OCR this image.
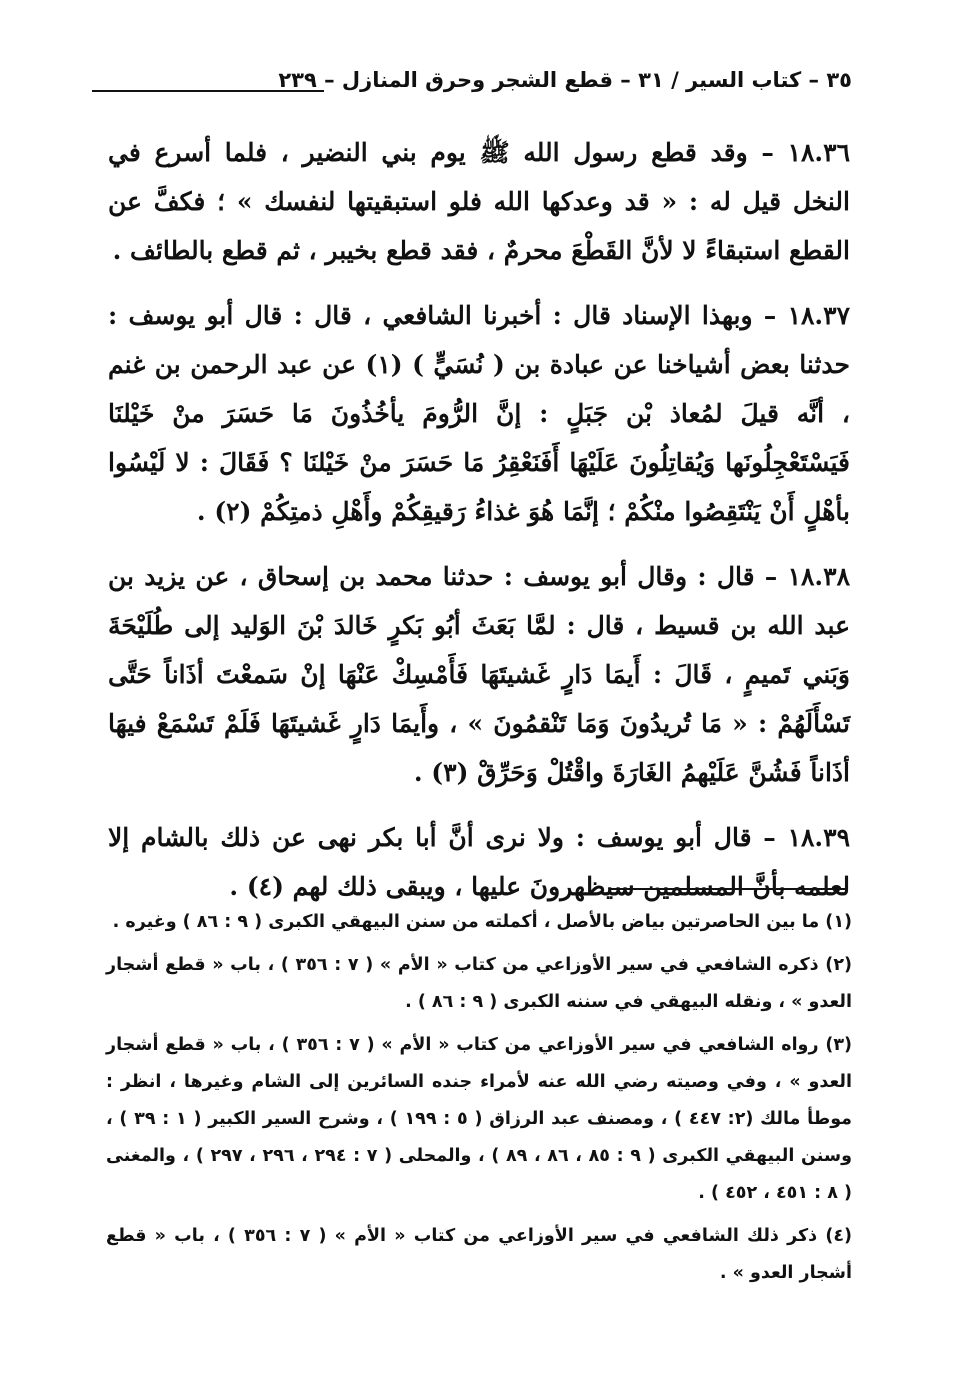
٣٥ – كتاب السير / ٣١ – قطع الشجر وحرق المنازل – ٢٣٩

١٨.٣٦ – وقد قطع رسول الله ﷺ يوم بني النضير ، فلما أسرع في النخل قيل له : « قد وعدكها الله فلو استبقيتها لنفسك » ؛ فكفَّ عن القطع استبقاءً لا لأنَّ القَطْعَ محرمٌ ، فقد قطع بخيبر ، ثم قطع بالطائف .

١٨.٣٧ – وبهذا الإسناد قال : أخبرنا الشافعي ، قال : قال أبو يوسف : حدثنا بعض أشياخنا عن عبادة بن ( نُسَيٍّ ) (١) عن عبد الرحمن بن غنم ، أنَّه قيلَ لمُعاذ بْن جَبَلٍ : إنَّ الرُّومَ يأخُذُونَ مَا حَسَرَ منْ خَيْلنَا فَيَسْتَعْجِلُونَها وَيُقاتِلُونَ عَلَيْهَا أَفَنَعْقِرُ مَا حَسَرَ منْ خَيْلنَا ؟ فَقَالَ : لا لَيْسُوا بأهْلٍ أَنْ يَنْتَقِصُوا منْكُمْ ؛ إنَّمَا هُوَ غذاءُ رَقيقِكُمْ وأَهْلِ ذمتِكُمْ (٢) .

١٨.٣٨ – قال : وقال أبو يوسف : حدثنا محمد بن إسحاق ، عن يزيد بن عبد الله بن قسيط ، قال : لمَّا بَعَثَ أبُو بَكرٍ خَالدَ بْنَ الوَليد إلى طُلَيْحَةَ وَبَني تَميمٍ ، قَالَ : أَيمَا دَارٍ غَشيتَهَا فَأَمْسِكْ عَنْهَا إنْ سَمعْتَ أذَاناً حَتَّى تَسْأَلَهُمْ : « مَا تُريدُونَ وَمَا تَنْقمُونَ » ، وأَيمَا دَارٍ غَشيتَهَا فَلَمْ تَسْمَعْ فيهَا أذَاناً فَشُنَّ عَلَيْهمُ الغَارَةَ واقْتُلْ وَحَرِّقْ (٣) .

١٨.٣٩ – قال أبو يوسف : ولا نرى أنَّ أبا بكر نهى عن ذلك بالشام إلا لعلمه بأنَّ المسلمين سيظهرونَ عليها ، ويبقى ذلك لهم (٤) .

(١) ما بين الحاصرتين بياض بالأصل ، أكملته من سنن البيهقي الكبرى ( ٩ : ٨٦ ) وغيره .

(٢) ذكره الشافعي في سير الأوزاعي من كتاب « الأم » ( ٧ : ٣٥٦ ) ، باب « قطع أشجار العدو » ، ونقله البيهقي في سننه الكبرى ( ٩ : ٨٦ ) .

(٣) رواه الشافعي في سير الأوزاعي من كتاب « الأم » ( ٧ : ٣٥٦ ) ، باب « قطع أشجار العدو » ، وفي وصيته رضي الله عنه لأمراء جنده السائرين إلى الشام وغيرها ، انظر : موطأ مالك (٢: ٤٤٧ ) ، ومصنف عبد الرزاق ( ٥ : ١٩٩ ) ، وشرح السير الكبير ( ١ : ٣٩ ) ، وسنن البيهقي الكبرى ( ٩ : ٨٥ ، ٨٦ ، ٨٩ ) ، والمحلى ( ٧ : ٢٩٤ ، ٢٩٦ ، ٢٩٧ ) ، والمغنى ( ٨ : ٤٥١ ، ٤٥٢ ) .

(٤) ذكر ذلك الشافعي في سير الأوزاعي من كتاب « الأم » ( ٧ : ٣٥٦ ) ، باب « قطع أشجار العدو » .
